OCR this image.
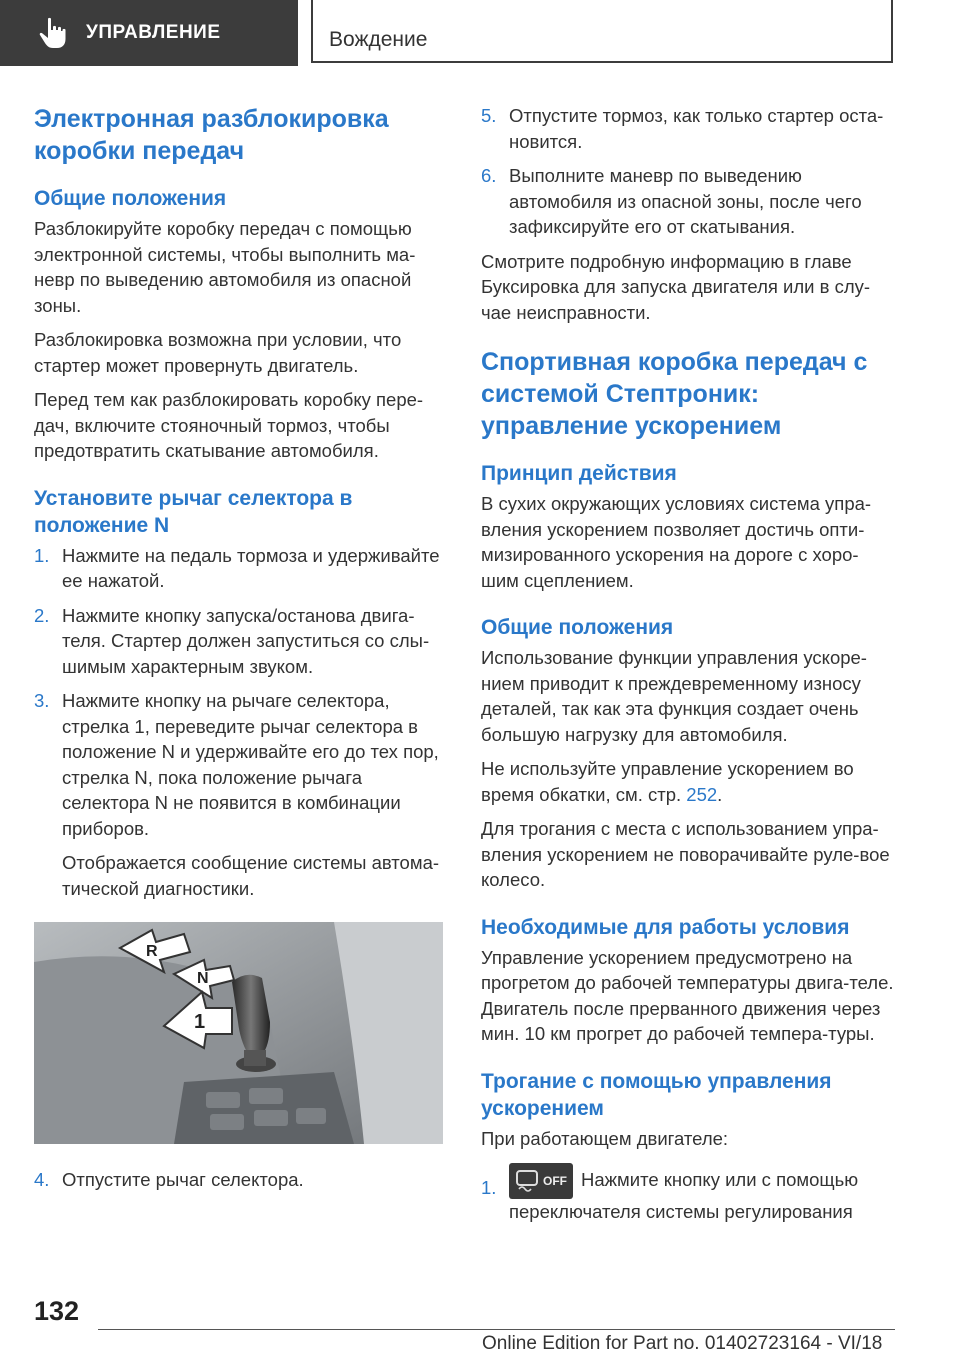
УПРАВЛЕНИЕ	Вождение
Электронная разблокировка коробки передач
Общие положения

Разблокируйте коробку передач с помощью электронной системы, чтобы выполнить ма-невр по выведению автомобиля из опасной зоны.

Разблокировка возможна при условии, что стартер может провернуть двигатель.

Перед тем как разблокировать коробку пере-дач, включите стояночный тормоз, чтобы предотвратить скатывание автомобиля.

Установите рычаг селектора в положение N
1. Нажмите на педаль тормоза и удерживайте ее нажатой.
2. Нажмите кнопку запуска/останова двига-теля. Стартер должен запуститься со слы-шимым характерным звуком.
3. Нажмите кнопку на рычаге селектора, стрелка 1, переведите рычаг селектора в положение N и удерживайте его до тех пор, стрелка N, пока положение рычага селектора N не появится в комбинации приборов.
Отображается сообщение системы автома-тической диагностики.
R
N
1
4. Отпустите рычаг селектора.
5. Отпустите тормоз, как только стартер оста-новится.
6. Выполните маневр по выведению автомобиля из опасной зоны, после чего зафиксируйте его от скатывания.

Смотрите подробную информацию в главе Буксировка для запуска двигателя или в слу-чае неисправности.

Спортивная коробка передач с системой Стептроник: управление ускорением
Принцип действия

В сухих окружающих условиях система упра-вления ускорением позволяет достичь опти-мизированного ускорения на дороге с хоро-шим сцеплением.

Общие положения

Использование функции управления ускоре-нием приводит к преждевременному износу деталей, так как эта функция создает очень большую нагрузку для автомобиля.

Не используйте управление ускорением во время обкатки, см. стр. 252.

Для трогания с места с использованием упра-вления ускорением не поворачивайте руле-вое колесо.

Необходимые для работы условия

Управление ускорением предусмотрено на прогретом до рабочей температуры двига-теле. Двигатель после прерванного движения через мин. 10 км прогрет до рабочей темпера-туры.

Трогание с помощью управления ускорением

При работающем двигателе:

1.	OFF Нажмите кнопку или с помощью переключателя системы регулирования
132
Online Edition for Part no. 01402723164 - VI/18
